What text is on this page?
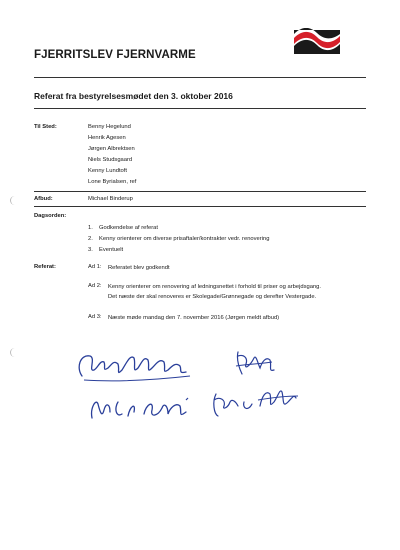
FJERRITSLEV FJERNVARME
Referat fra bestyrelsesmødet den 3. oktober 2016
Til Sted:	Benny Hegelund
Henrik Agesen
Jørgen Albrektsen
Niels Studsgaard
Kenny Lundtoft
Lone Byrialsen, ref
Afbud:	Michael Binderup
Dagsorden:
1. Godkendelse af referat
2. Kenny orienterer om diverse prisaftaler/kontrakter vedr. renovering
3. Eventuelt
Referat:	Ad 1: Referatet blev godkendt
Ad 2: Kenny orienterer om renovering af ledningsnettet i forhold til priser og arbejdsgang.
Det næste der skal renoveres er Skolegade/Grønnegade og derefter Vestergade.
Ad 3: Næste møde mandag den 7. november 2016 (Jørgen meldt afbud)
